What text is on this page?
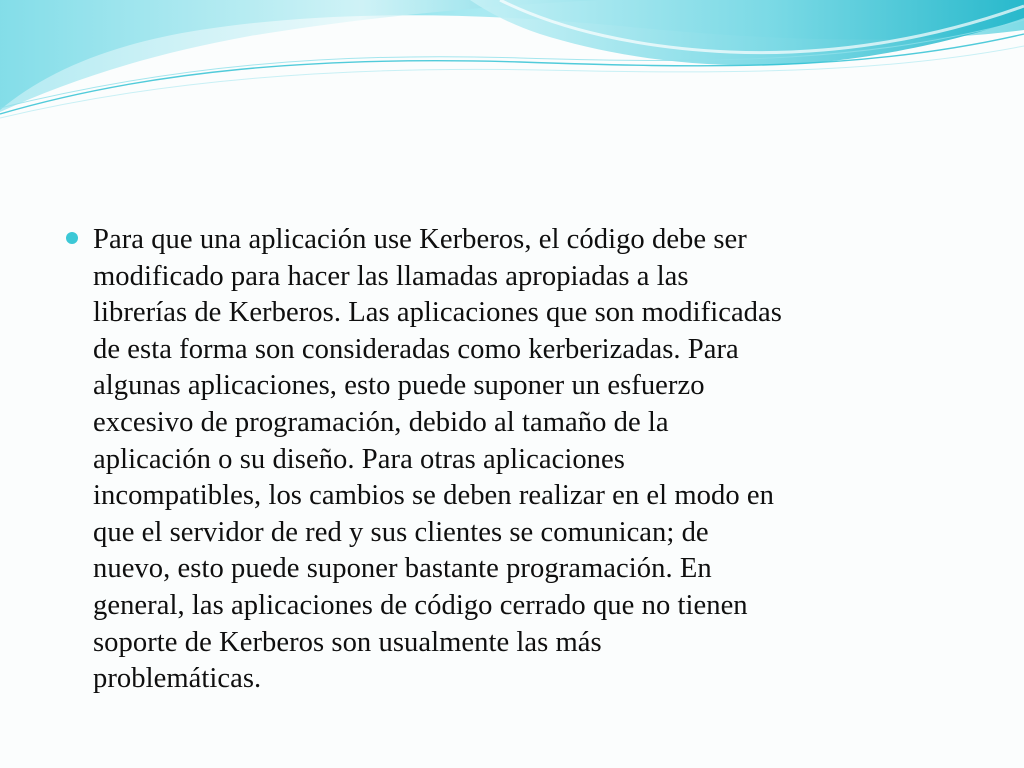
Para que una aplicación use Kerberos, el código debe ser
modificado para hacer las llamadas apropiadas a las
librerías de Kerberos. Las aplicaciones que son modificadas
de esta forma son consideradas como kerberizadas. Para
algunas aplicaciones, esto puede suponer un esfuerzo
excesivo de programación, debido al tamaño de la
aplicación o su diseño. Para otras aplicaciones
incompatibles, los cambios se deben realizar en el modo en
que el servidor de red y sus clientes se comunican; de
nuevo, esto puede suponer bastante programación. En
general, las aplicaciones de código cerrado que no tienen
soporte de Kerberos son usualmente las más
problemáticas.
